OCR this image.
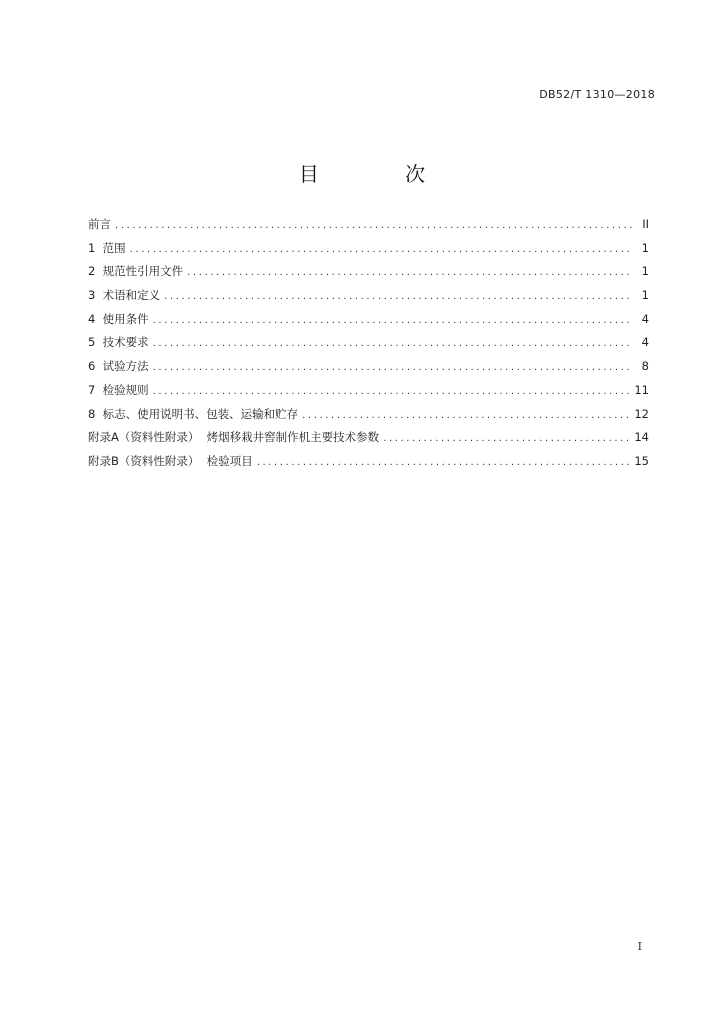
DB52/T 1310—2018
目 次
前言 .....	II
1  范围 .....	1
2  规范性引用文件 .....	1
3  术语和定义 .....	1
4  使用条件 .....	4
5  技术要求 .....	4
6  试验方法 .....	8
7  检验规则 .....	11
8  标志、使用说明书、包装、运输和贮存 .....	12
附录A（资料性附录）  烤烟移栽井窖制作机主要技术参数 .....	14
附录B（资料性附录）  检验项目 .....	15
I
